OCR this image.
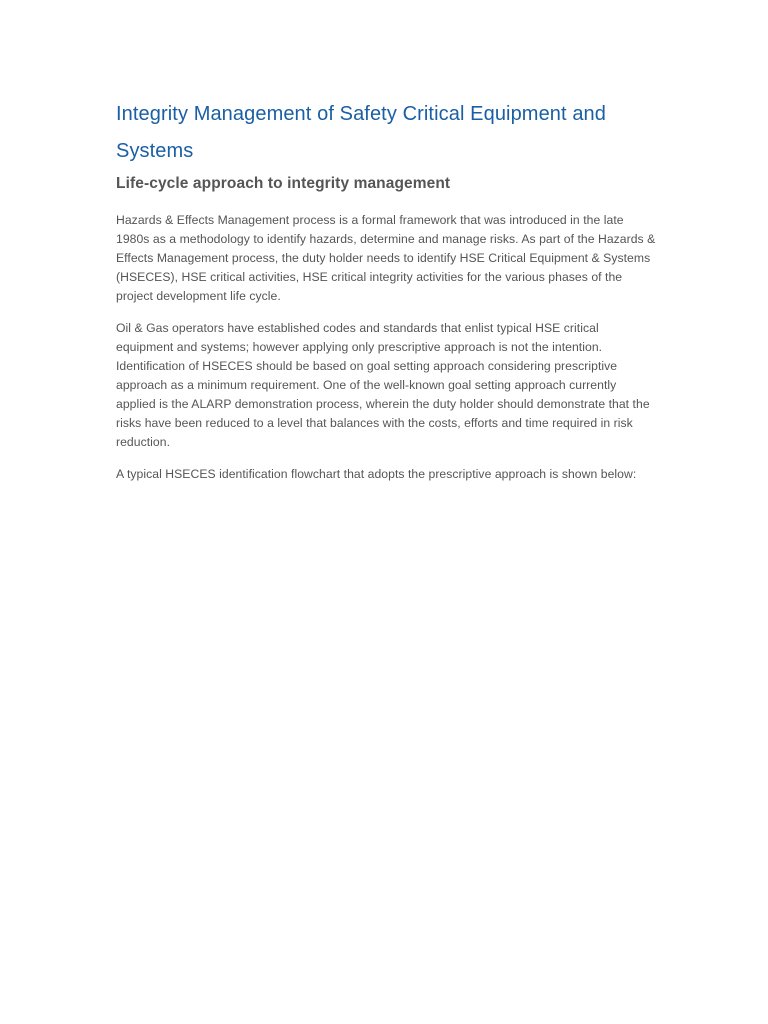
Integrity Management of Safety Critical Equipment and Systems
Life-cycle approach to integrity management

Hazards & Effects Management process is a formal framework that was introduced in the late 1980s as a methodology to identify hazards, determine and manage risks. As part of the Hazards & Effects Management process, the duty holder needs to identify HSE Critical Equipment & Systems (HSECES), HSE critical activities, HSE critical integrity activities for the various phases of the project development life cycle.

Oil & Gas operators have established codes and standards that enlist typical HSE critical equipment and systems; however applying only prescriptive approach is not the intention. Identification of HSECES should be based on goal setting approach considering prescriptive approach as a minimum requirement. One of the well-known goal setting approach currently applied is the ALARP demonstration process, wherein the duty holder should demonstrate that the risks have been reduced to a level that balances with the costs, efforts and time required in risk reduction.

A typical HSECES identification flowchart that adopts the prescriptive approach is shown below:
